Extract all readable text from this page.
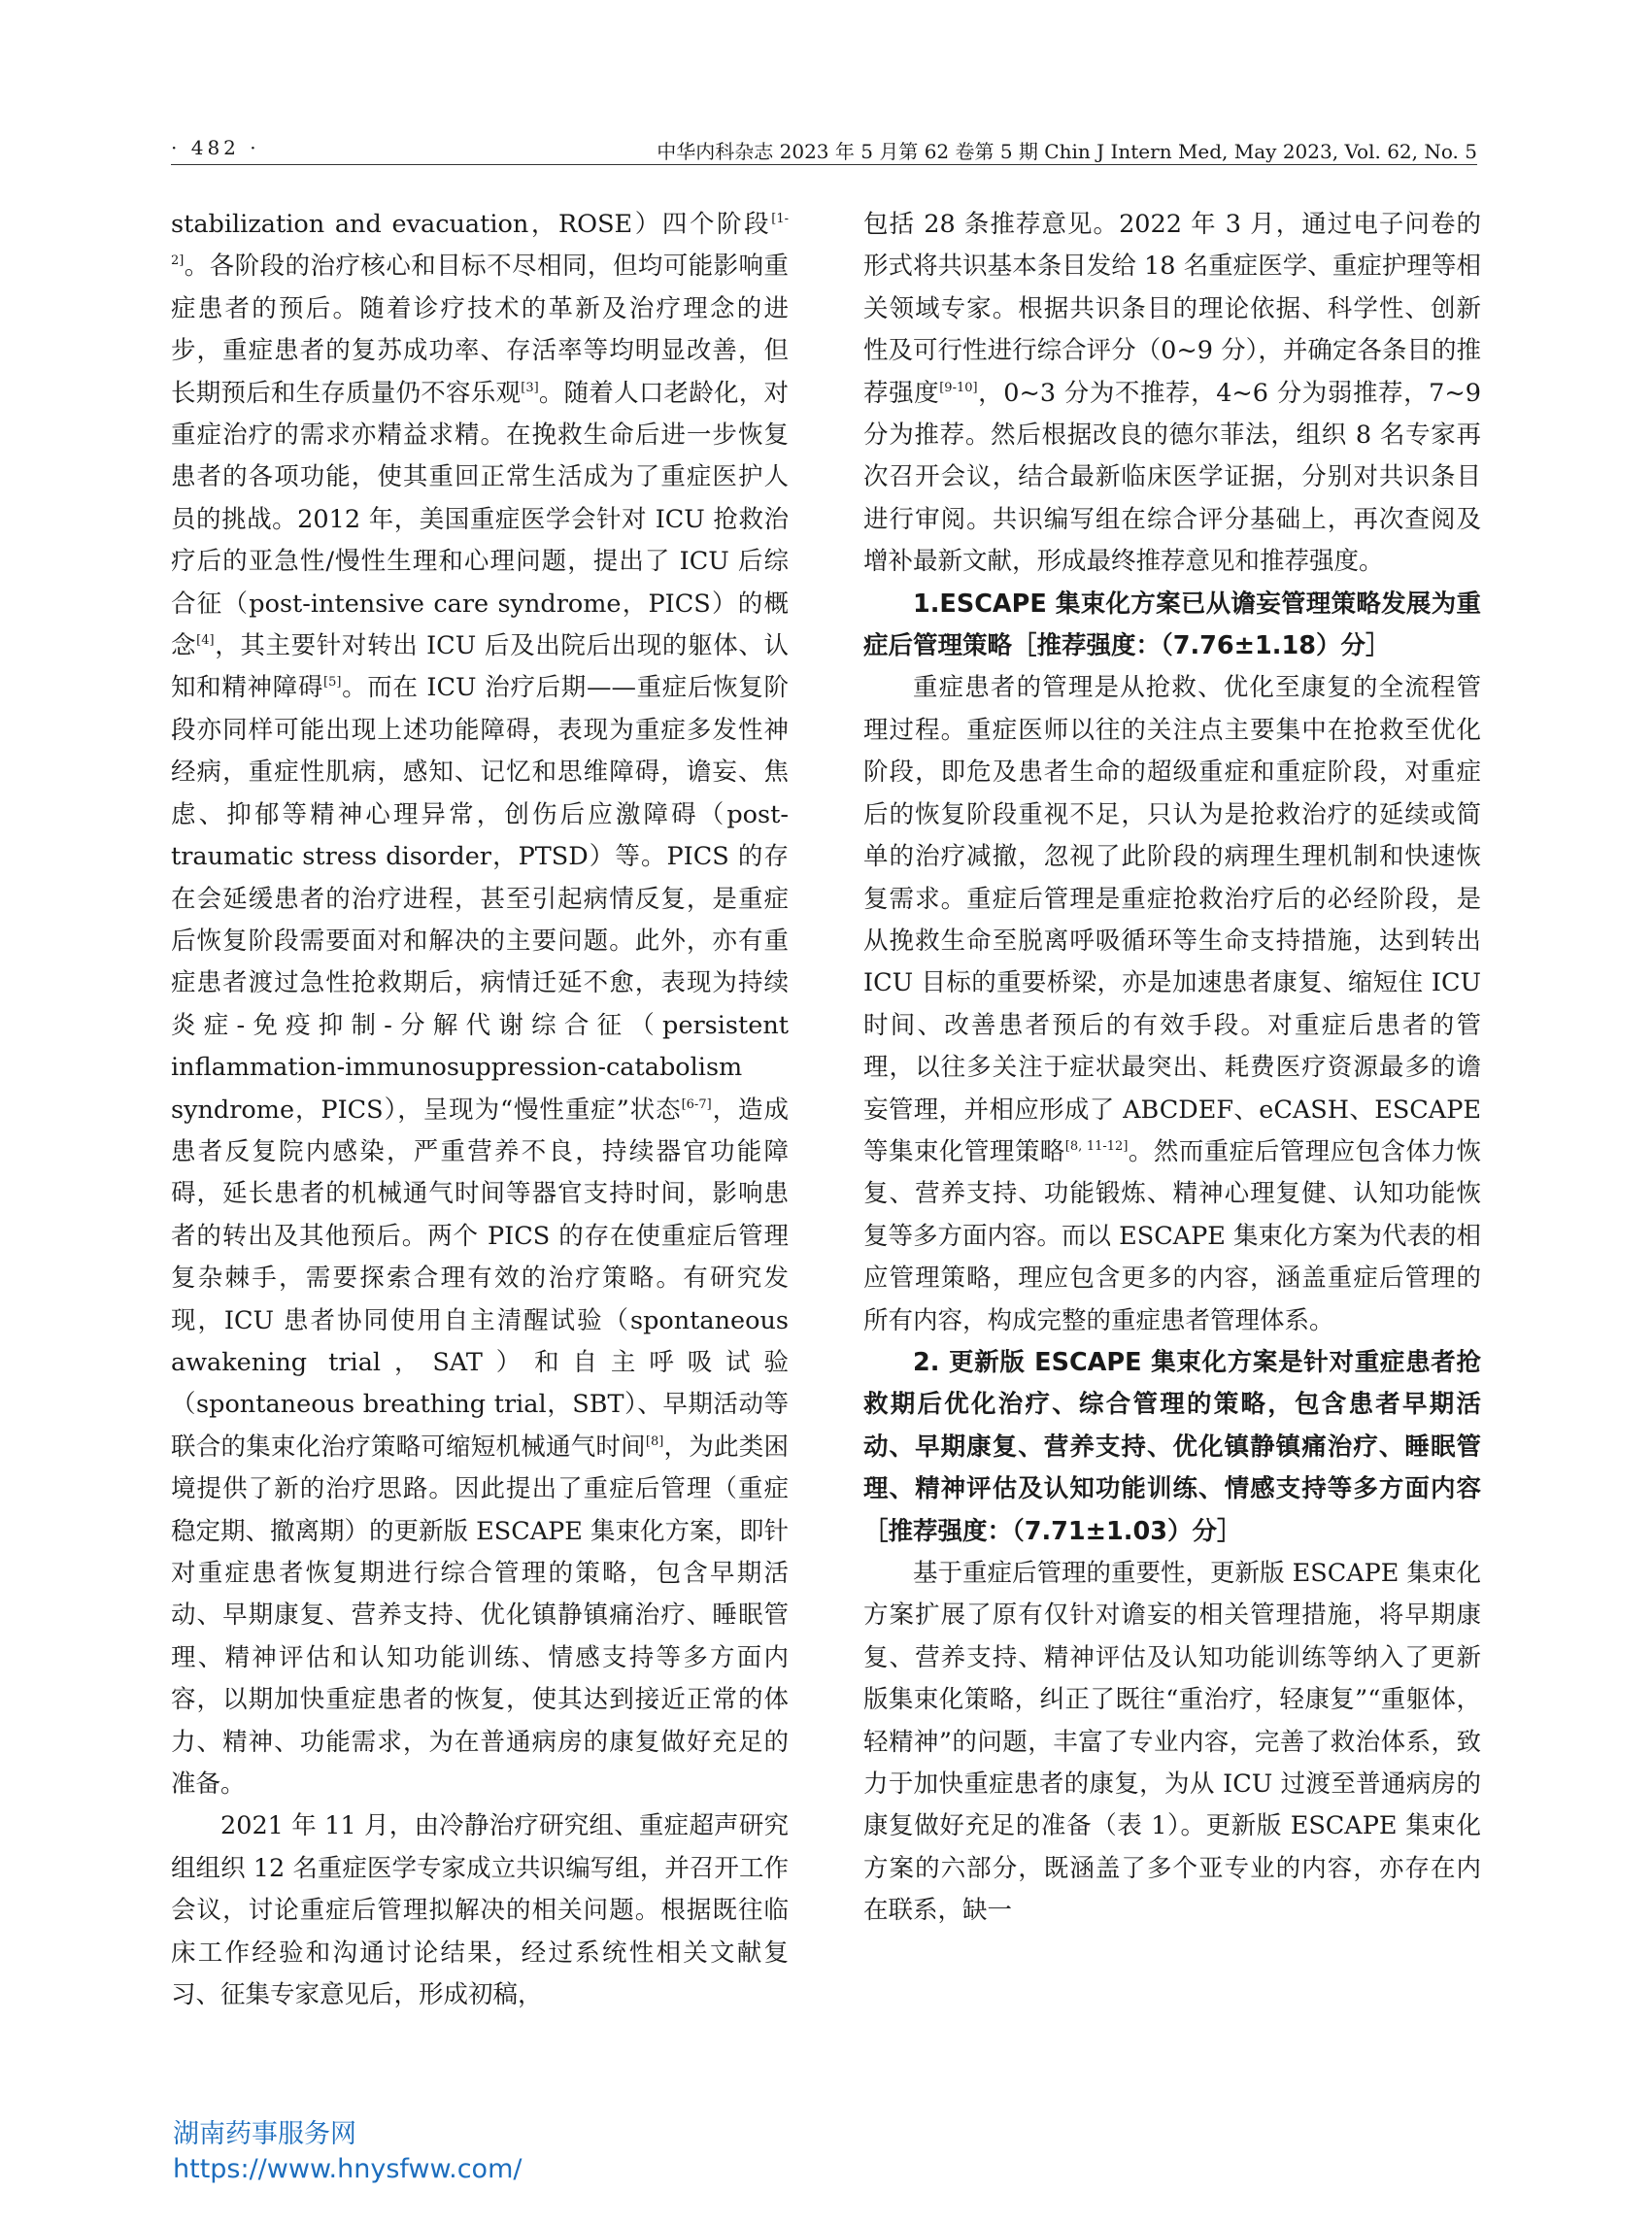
· 482 ·	中华内科杂志 2023 年 5 月第 62 卷第 5 期 Chin J Intern Med, May 2023, Vol. 62, No. 5

stabilization and evacuation，ROSE）四个阶段[1-2]。各阶段的治疗核心和目标不尽相同，但均可能影响重症患者的预后。随着诊疗技术的革新及治疗理念的进步，重症患者的复苏成功率、存活率等均明显改善，但长期预后和生存质量仍不容乐观[3]。随着人口老龄化，对重症治疗的需求亦精益求精。在挽救生命后进一步恢复患者的各项功能，使其重回正常生活成为了重症医护人员的挑战。2012 年，美国重症医学会针对 ICU 抢救治疗后的亚急性/慢性生理和心理问题，提出了 ICU 后综合征（post-intensive care syndrome，PICS）的概念[4]，其主要针对转出 ICU 后及出院后出现的躯体、认知和精神障碍[5]。而在 ICU 治疗后期——重症后恢复阶段亦同样可能出现上述功能障碍，表现为重症多发性神经病，重症性肌病，感知、记忆和思维障碍，谵妄、焦虑、抑郁等精神心理异常，创伤后应激障碍（post-traumatic stress disorder，PTSD）等。PICS 的存在会延缓患者的治疗进程，甚至引起病情反复，是重症后恢复阶段需要面对和解决的主要问题。此外，亦有重症患者渡过急性抢救期后，病情迁延不愈，表现为持续炎症-免疫抑制-分解代谢综合征（persistent inflammation-immunosuppression-catabolism syndrome，PICS），呈现为“慢性重症”状态[6-7]，造成患者反复院内感染，严重营养不良，持续器官功能障碍，延长患者的机械通气时间等器官支持时间，影响患者的转出及其他预后。两个 PICS 的存在使重症后管理复杂棘手，需要探索合理有效的治疗策略。有研究发现，ICU 患者协同使用自主清醒试验（spontaneous awakening trial，SAT）和自主呼吸试验（spontaneous breathing trial，SBT）、早期活动等联合的集束化治疗策略可缩短机械通气时间[8]，为此类困境提供了新的治疗思路。因此提出了重症后管理（重症稳定期、撤离期）的更新版 ESCAPE 集束化方案，即针对重症患者恢复期进行综合管理的策略，包含早期活动、早期康复、营养支持、优化镇静镇痛治疗、睡眠管理、精神评估和认知功能训练、情感支持等多方面内容，以期加快重症患者的恢复，使其达到接近正常的体力、精神、功能需求，为在普通病房的康复做好充足的准备。

2021 年 11 月，由冷静治疗研究组、重症超声研究组组织 12 名重症医学专家成立共识编写组，并召开工作会议，讨论重症后管理拟解决的相关问题。根据既往临床工作经验和沟通讨论结果，经过系统性相关文献复习、征集专家意见后，形成初稿，

包括 28 条推荐意见。2022 年 3 月，通过电子问卷的形式将共识基本条目发给 18 名重症医学、重症护理等相关领域专家。根据共识条目的理论依据、科学性、创新性及可行性进行综合评分（0~9 分），并确定各条目的推荐强度[9-10]，0~3 分为不推荐，4~6 分为弱推荐，7~9 分为推荐。然后根据改良的德尔菲法，组织 8 名专家再次召开会议，结合最新临床医学证据，分别对共识条目进行审阅。共识编写组在综合评分基础上，再次查阅及增补最新文献，形成最终推荐意见和推荐强度。

1.ESCAPE 集束化方案已从谵妄管理策略发展为重症后管理策略［推荐强度：（7.76±1.18）分］

重症患者的管理是从抢救、优化至康复的全流程管理过程。重症医师以往的关注点主要集中在抢救至优化阶段，即危及患者生命的超级重症和重症阶段，对重症后的恢复阶段重视不足，只认为是抢救治疗的延续或简单的治疗减撤，忽视了此阶段的病理生理机制和快速恢复需求。重症后管理是重症抢救治疗后的必经阶段，是从挽救生命至脱离呼吸循环等生命支持措施，达到转出 ICU 目标的重要桥梁，亦是加速患者康复、缩短住 ICU 时间、改善患者预后的有效手段。对重症后患者的管理，以往多关注于症状最突出、耗费医疗资源最多的谵妄管理，并相应形成了 ABCDEF、eCASH、ESCAPE 等集束化管理策略[8, 11-12]。然而重症后管理应包含体力恢复、营养支持、功能锻炼、精神心理复健、认知功能恢复等多方面内容。而以 ESCAPE 集束化方案为代表的相应管理策略，理应包含更多的内容，涵盖重症后管理的所有内容，构成完整的重症患者管理体系。

2. 更新版 ESCAPE 集束化方案是针对重症患者抢救期后优化治疗、综合管理的策略，包含患者早期活动、早期康复、营养支持、优化镇静镇痛治疗、睡眠管理、精神评估及认知功能训练、情感支持等多方面内容［推荐强度：（7.71±1.03）分］

基于重症后管理的重要性，更新版 ESCAPE 集束化方案扩展了原有仅针对谵妄的相关管理措施，将早期康复、营养支持、精神评估及认知功能训练等纳入了更新版集束化策略，纠正了既往“重治疗，轻康复”“重躯体，轻精神”的问题，丰富了专业内容，完善了救治体系，致力于加快重症患者的康复，为从 ICU 过渡至普通病房的康复做好充足的准备（表 1）。更新版 ESCAPE 集束化方案的六部分，既涵盖了多个亚专业的内容，亦存在内在联系，缺一

湖南药事服务网
https://www.hnysfww.com/
